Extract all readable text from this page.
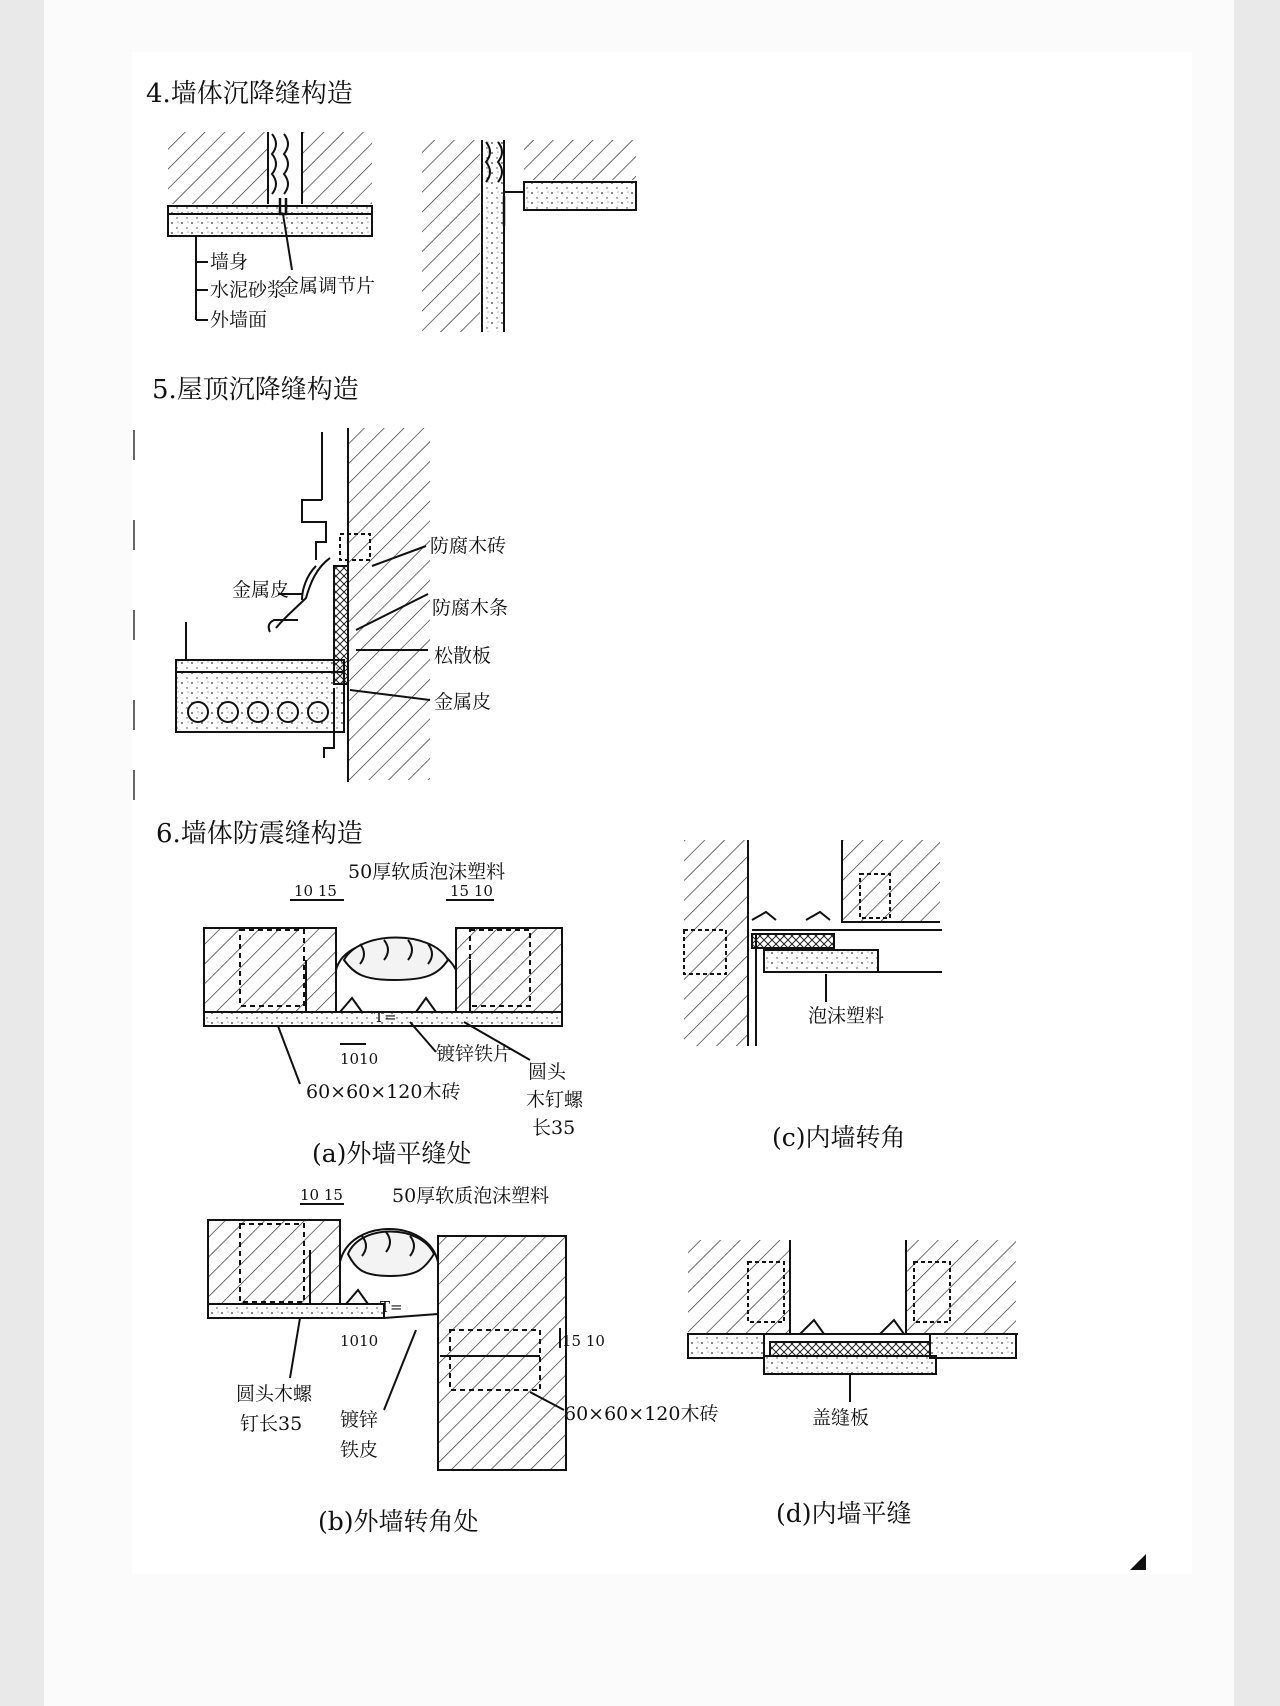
4.墙体沉降缝构造
墙身
水泥砂浆
外墙面
金属调节片
5.屋顶沉降缝构造
金属皮
防腐木砖
防腐木条
松散板
金属皮
6.墙体防震缝构造
50厚软质泡沫塑料
10 15	15 10
1010
T=
镀锌铁片
60×60×120木砖
圆头
木钉螺
长35
(a)外墙平缝处
泡沫塑料
(c)内墙转角
50厚软质泡沫塑料
10 15
1010	15 10
T=
圆头木螺
钉长35 镀锌
铁皮
60×60×120木砖
(b)外墙转角处
盖缝板
(d)内墙平缝
